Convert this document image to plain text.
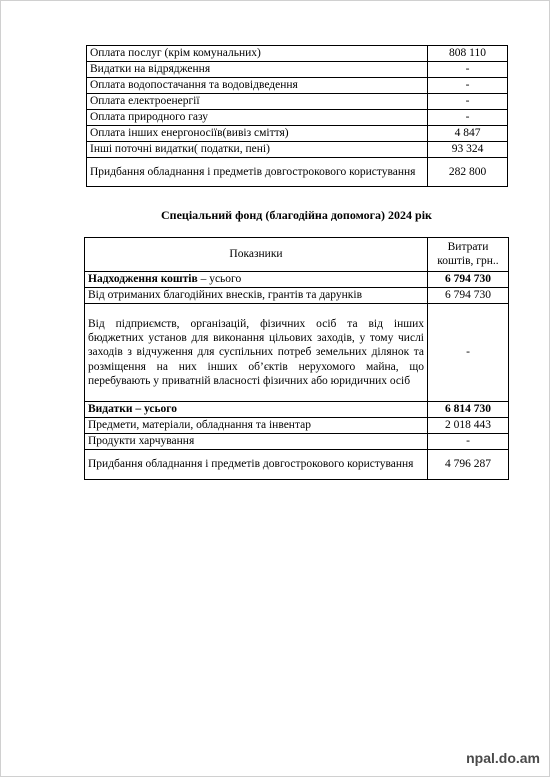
Оплата послуг (крім комунальних)	808 110
Видатки на відрядження	-
Оплата водопостачання та водовідведення	-
Оплата електроенергії	-
Оплата природного газу	-
Оплата інших енергоносіїв(вивіз сміття)	4 847
Інші поточні видатки( податки, пені)	93 324
Придбання обладнання і предметів довгострокового користування	282 800
Спеціальний фонд (благодійна допомога) 2024 рік
Показники	Витрати коштів, грн..
Надходження коштів – усього	6 794 730
Від отриманих благодійних внесків, грантів та дарунків	6 794 730
Від підприємств, організацій, фізичних осіб та від інших бюджетних установ для виконання цільових заходів, у тому числі заходів з відчуження для суспільних потреб земельних ділянок та розміщення на них інших об’єктів нерухомого майна, що перебувають у приватній власності фізичних або юридичних осіб	-
Видатки – усього	6 814 730
Предмети, матеріали, обладнання та інвентар	2 018 443
Продукти харчування	-
Придбання обладнання і предметів довгострокового користування	4 796 287
npal.do.am
